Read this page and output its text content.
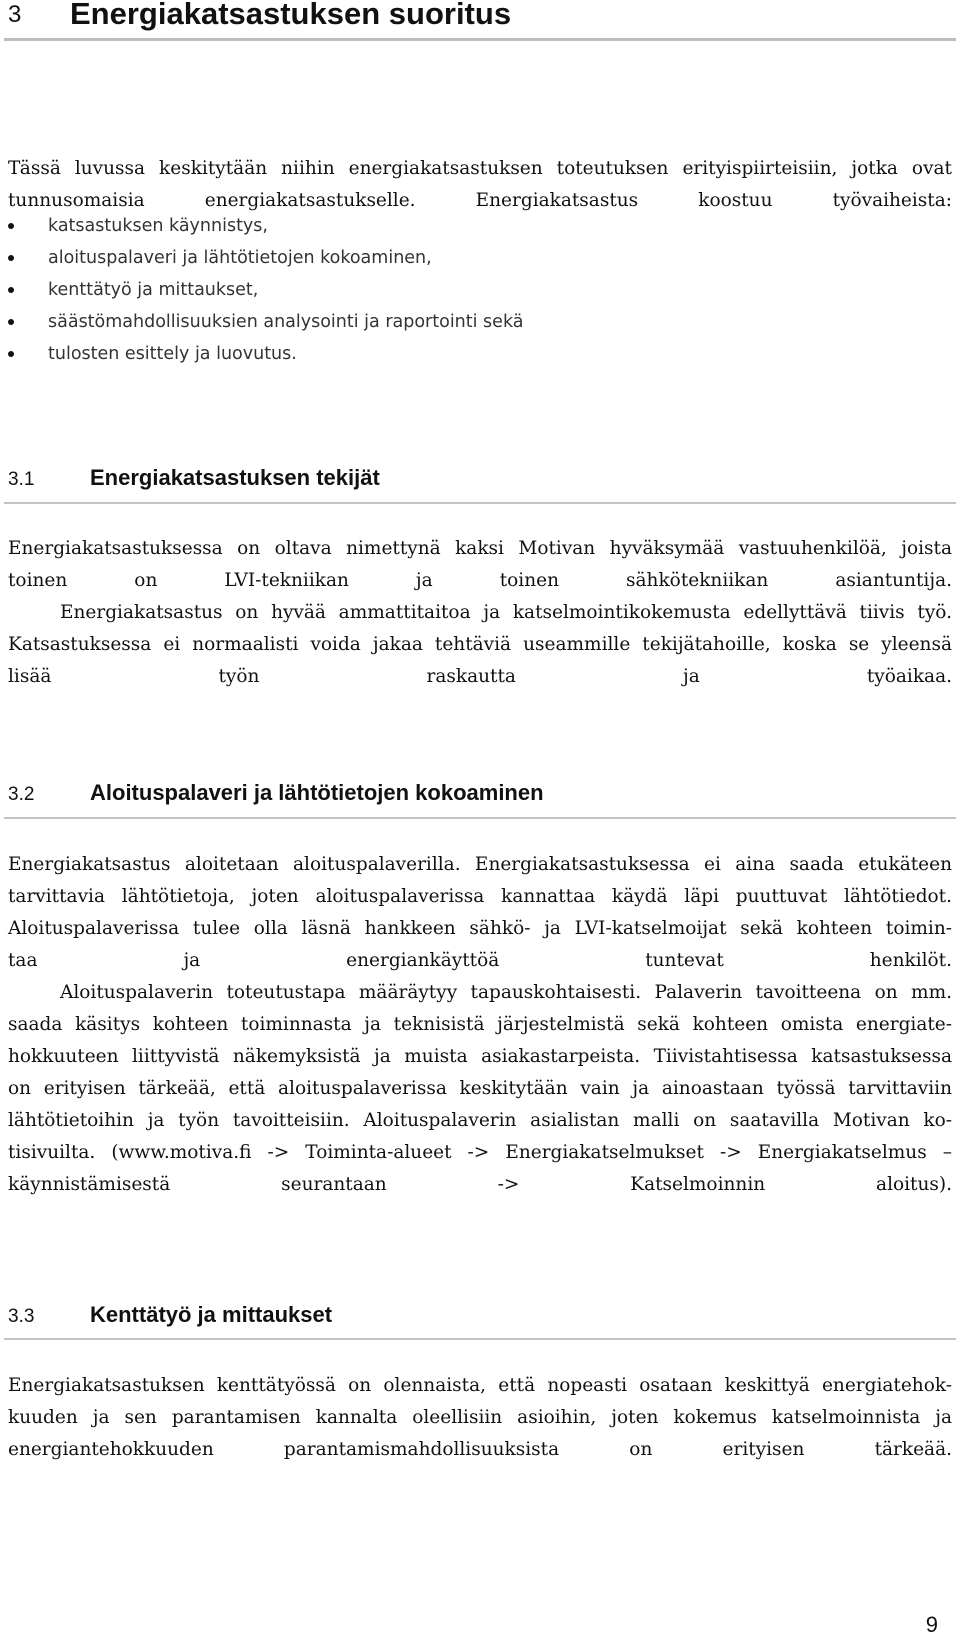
3 Energiakatsastuksen suoritus
Tässä luvussa keskitytään niihin energiakatsastuksen toteutuksen erityispiirteisiin, jotka ovat
tunnusomaisia energiakatsastukselle. Energiakatsastus koostuu työvaiheista:
katsastuksen käynnistys,
aloituspalaveri ja lähtötietojen kokoaminen,
kenttätyö ja mittaukset,
säästömahdollisuuksien analysointi ja raportointi sekä
tulosten esittely ja luovutus.
3.1	Energiakatsastuksen tekijät
Energiakatsastuksessa on oltava nimettynä kaksi Motivan hyväksymää vastuuhenkilöä, joista
toinen on LVI-tekniikan ja toinen sähkötekniikan asiantuntija.
Energiakatsastus on hyvää ammattitaitoa ja katselmointikokemusta edellyttävä tiivis työ.
Katsastuksessa ei normaalisti voida jakaa tehtäviä useammille tekijätahoille, koska se yleensä
lisää työn raskautta ja työaikaa.
3.2	Aloituspalaveri ja lähtötietojen kokoaminen
Energiakatsastus aloitetaan aloituspalaverilla. Energiakatsastuksessa ei aina saada etukäteen
tarvittavia lähtötietoja, joten aloituspalaverissa kannattaa käydä läpi puuttuvat lähtötiedot.
Aloituspalaverissa tulee olla läsnä hankkeen sähkö- ja LVI-katselmoijat sekä kohteen toimin-
taa ja energiankäyttöä tuntevat henkilöt.
Aloituspalaverin toteutustapa määräytyy tapauskohtaisesti. Palaverin tavoitteena on mm.
saada käsitys kohteen toiminnasta ja teknisistä järjestelmistä sekä kohteen omista energiate-
hokkuuteen liittyvistä näkemyksistä ja muista asiakastarpeista. Tiivistahtisessa katsastuksessa
on erityisen tärkeää, että aloituspalaverissa keskitytään vain ja ainoastaan työssä tarvittaviin
lähtötietoihin ja työn tavoitteisiin. Aloituspalaverin asialistan malli on saatavilla Motivan ko-
tisivuilta. (www.motiva.fi -> Toiminta-alueet -> Energiakatselmukset -> Energiakatselmus –
käynnistämisestä seurantaan -> Katselmoinnin aloitus).
3.3	Kenttätyö ja mittaukset
Energiakatsastuksen kenttätyössä on olennaista, että nopeasti osataan keskittyä energiatehok-
kuuden ja sen parantamisen kannalta oleellisiin asioihin, joten kokemus katselmoinnista ja
energiantehokkuuden parantamismahdollisuuksista on erityisen tärkeää.
9
